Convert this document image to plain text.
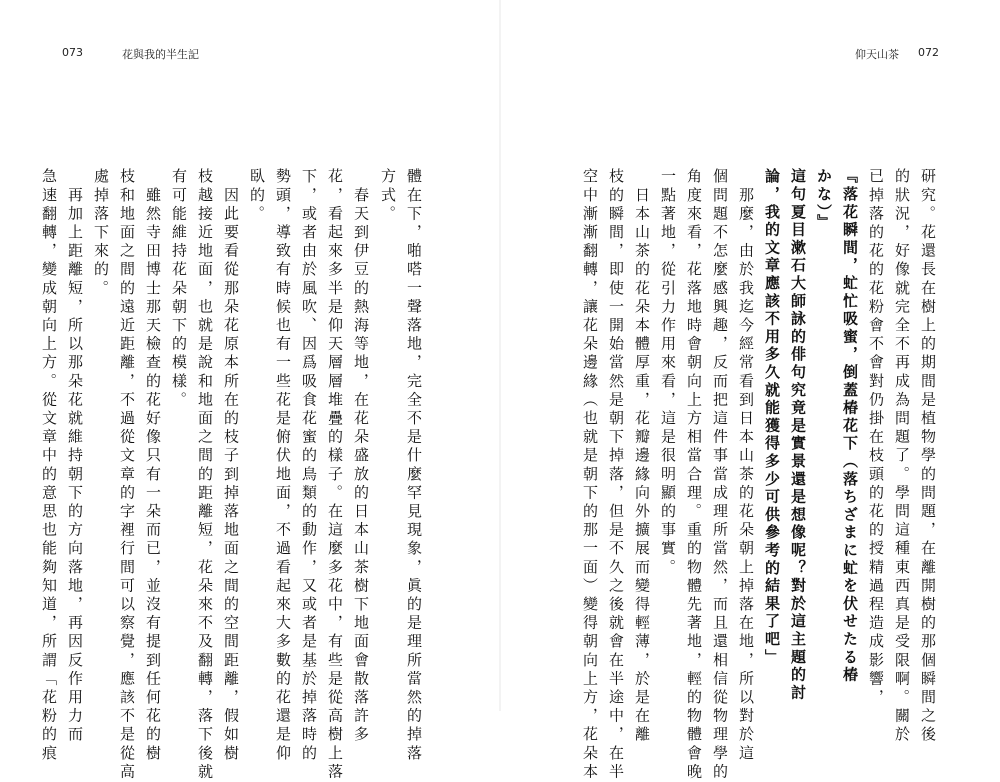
073	花與我的半生記	仰天山茶 072
體在下，啪嗒一聲落地，完全不是什麼罕見現象，眞的是理所當然的掉落
方式。
　春天到伊豆的熱海等地，在花朵盛放的日本山茶樹下地面會散落許多
花，看起來多半是仰天層層堆疊的樣子。在這麼多花中，有些是從高樹上落
下，或者由於風吹、因爲吸食花蜜的鳥類的動作，又或者是基於掉落時的
勢頭，導致有時候也有一些花是俯伏地面，不過看起來大多數的花還是仰
臥的。
　因此要看從那朵花原本所在的枝子到掉落地面之間的空間距離，假如樹
枝越接近地面，也就是說和地面之間的距離短，花朵來不及翻轉，落下後就
有可能維持花朵朝下的模樣。
　雖然寺田博士那天檢查的花好像只有一朵而已，並沒有提到任何花的樹
枝和地面之間的遠近距離，不過從文章的字裡行間可以察覺，應該不是從高
處掉落下來的。
　再加上距離短，所以那朵花就維持朝下的方向落地，再因反作用力而
急速翻轉，變成朝向上方。從文章中的意思也能夠知道，所謂「花粉的痕	研究。花還長在樹上的期間是植物學的問題，在離開樹的那個瞬間之後
的狀況，好像就完全不再成為問題了。學問這種東西真是受限啊。關於
已掉落的花的花粉會不會對仍掛在枝頭的花的授精過程造成影響，
『落花瞬間，虻忙吸蜜，倒蓋椿花下（落ちざまに虻を伏せたる椿
かな）』
這句夏目漱石大師詠的俳句究竟是實景還是想像呢？對於這主題的討
論，我的文章應該不用多久就能獲得多少可供參考的結果了吧」
　那麼，由於我迄今經常看到日本山茶的花朵朝上掉落在地，所以對於這
個問題不怎麼感興趣，反而把這件事當成理所當然，而且還相信從物理學的
角度來看，花落地時會朝向上方相當合理。重的物體先著地，輕的物體會晚
一點著地，從引力作用來看，這是很明顯的事實。
　日本山茶的花朵本體厚重，花瓣邊緣向外擴展而變得輕薄，於是在離
枝的瞬間，即使一開始當然是朝下掉落，但是不久之後就會在半途中，在半
空中漸漸翻轉，讓花朵邊緣（也就是朝下的那一面）變得朝向上方，花朵本
